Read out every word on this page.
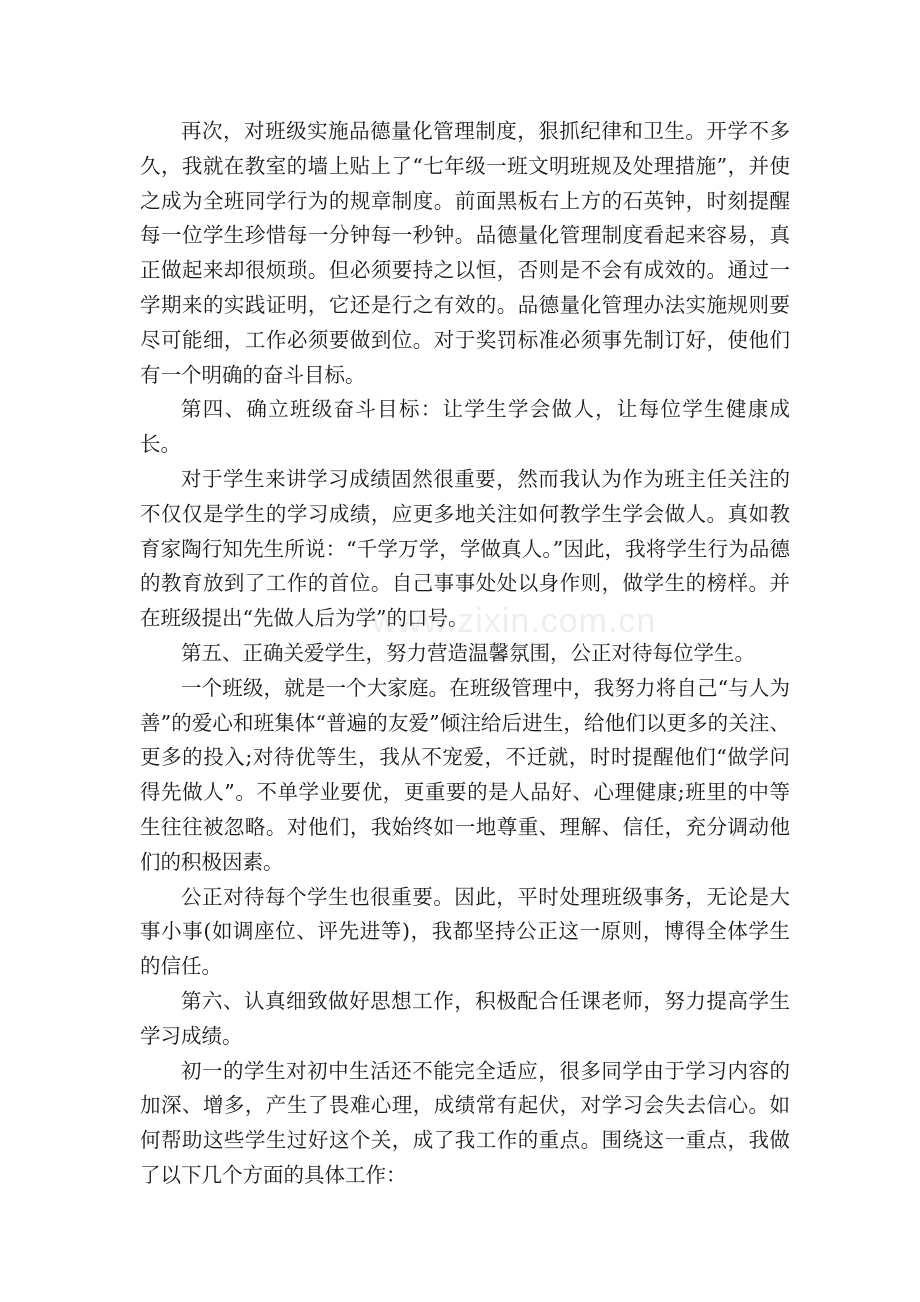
www.zixin.com.cn

再次，对班级实施品德量化管理制度，狠抓纪律和卫生。开学不多久，我就在教室的墙上贴上了“七年级一班文明班规及处理措施”，并使之成为全班同学行为的规章制度。前面黑板右上方的石英钟，时刻提醒每一位学生珍惜每一分钟每一秒钟。品德量化管理制度看起来容易，真正做起来却很烦琐。但必须要持之以恒，否则是不会有成效的。通过一学期来的实践证明，它还是行之有效的。品德量化管理办法实施规则要尽可能细，工作必须要做到位。对于奖罚标准必须事先制订好，使他们有一个明确的奋斗目标。

第四、确立班级奋斗目标：让学生学会做人，让每位学生健康成长。

对于学生来讲学习成绩固然很重要，然而我认为作为班主任关注的不仅仅是学生的学习成绩，应更多地关注如何教学生学会做人。真如教育家陶行知先生所说：“千学万学，学做真人。”因此，我将学生行为品德的教育放到了工作的首位。自己事事处处以身作则，做学生的榜样。并在班级提出“先做人后为学”的口号。

第五、正确关爱学生，努力营造温馨氛围，公正对待每位学生。

一个班级，就是一个大家庭。在班级管理中，我努力将自己“与人为善”的爱心和班集体“普遍的友爱”倾注给后进生，给他们以更多的关注、更多的投入;对待优等生，我从不宠爱，不迁就，时时提醒他们“做学问得先做人”。不单学业要优，更重要的是人品好、心理健康;班里的中等生往往被忽略。对他们，我始终如一地尊重、理解、信任，充分调动他们的积极因素。

公正对待每个学生也很重要。因此，平时处理班级事务，无论是大事小事(如调座位、评先进等)，我都坚持公正这一原则，博得全体学生的信任。

第六、认真细致做好思想工作，积极配合任课老师，努力提高学生学习成绩。

初一的学生对初中生活还不能完全适应，很多同学由于学习内容的加深、增多，产生了畏难心理，成绩常有起伏，对学习会失去信心。如何帮助这些学生过好这个关，成了我工作的重点。围绕这一重点，我做了以下几个方面的具体工作：
